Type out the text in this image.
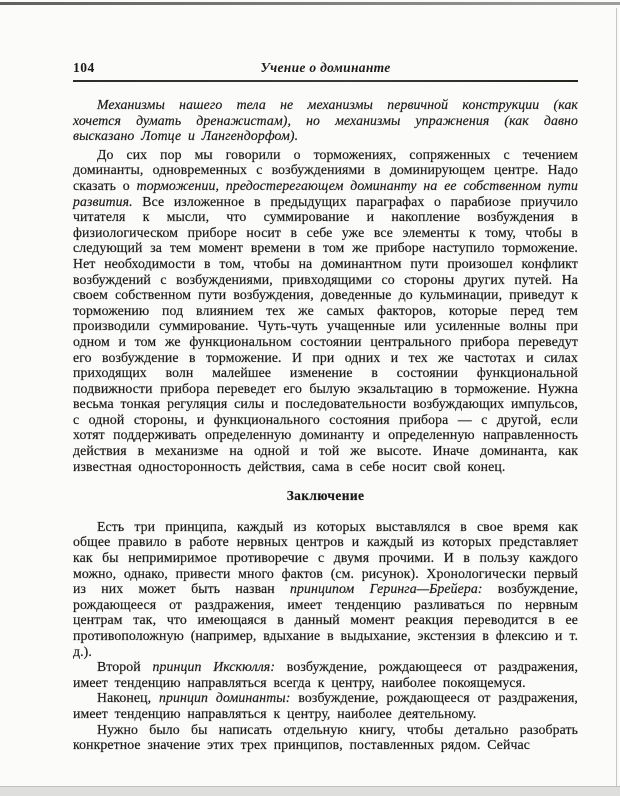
104	Учение о доминанте

Механизмы нашего тела не механизмы первичной конструкции (как хочется думать дренажистам), но механизмы упражнения (как давно высказано Лотце и Лангендорфом).

До сих пор мы говорили о торможениях, сопряженных с течением доминанты, одновременных с возбуждениями в доминирующем центре. Надо сказать о торможении, предостерегающем доминанту на ее собственном пути развития. Все изложенное в предыдущих параграфах о парабиозе приучило читателя к мысли, что суммирование и накопление возбуждения в физиологическом приборе носит в себе уже все элементы к тому, чтобы в следующий за тем момент времени в том же приборе наступило торможение. Нет необходимости в том, чтобы на доминантном пути произошел конфликт возбуждений с возбуждениями, привходящими со стороны других путей. На своем собственном пути возбуждения, доведенные до кульминации, приведут к торможению под влиянием тех же самых факторов, которые перед тем производили суммирование. Чуть-чуть учащенные или усиленные волны при одном и том же функциональном состоянии центрального прибора переведут его возбуждение в торможение. И при одних и тех же частотах и силах приходящих волн малейшее изменение в состоянии функциональной подвижности прибора переведет его былую экзальтацию в торможение. Нужна весьма тонкая регуляция силы и последовательности возбуждающих импульсов, с одной стороны, и функционального состояния прибора — с другой, если хотят поддерживать определенную доминанту и определенную направленность действия в механизме на одной и той же высоте. Иначе доминанта, как известная односторонность действия, сама в себе носит свой конец.

Заключение

Есть три принципа, каждый из которых выставлялся в свое время как общее правило в работе нервных центров и каждый из которых представляет как бы непримиримое противоречие с двумя прочими. И в пользу каждого можно, однако, привести много фактов (см. рисунок). Хронологически первый из них может быть назван принципом Геринга—Брейера: возбуждение, рождающееся от раздражения, имеет тенденцию разливаться по нервным центрам так, что имеющаяся в данный момент реакция переводится в ее противоположную (например, вдыхание в выдыхание, экстензия в флексию и т. д.).

Второй принцип Икскюлля: возбуждение, рождающееся от раздражения, имеет тенденцию направляться всегда к центру, наиболее покоящемуся.

Наконец, принцип доминанты: возбуждение, рождающееся от раздражения, имеет тенденцию направляться к центру, наиболее деятельному.

Нужно было бы написать отдельную книгу, чтобы детально разобрать конкретное значение этих трех принципов, поставленных рядом. Сейчас
